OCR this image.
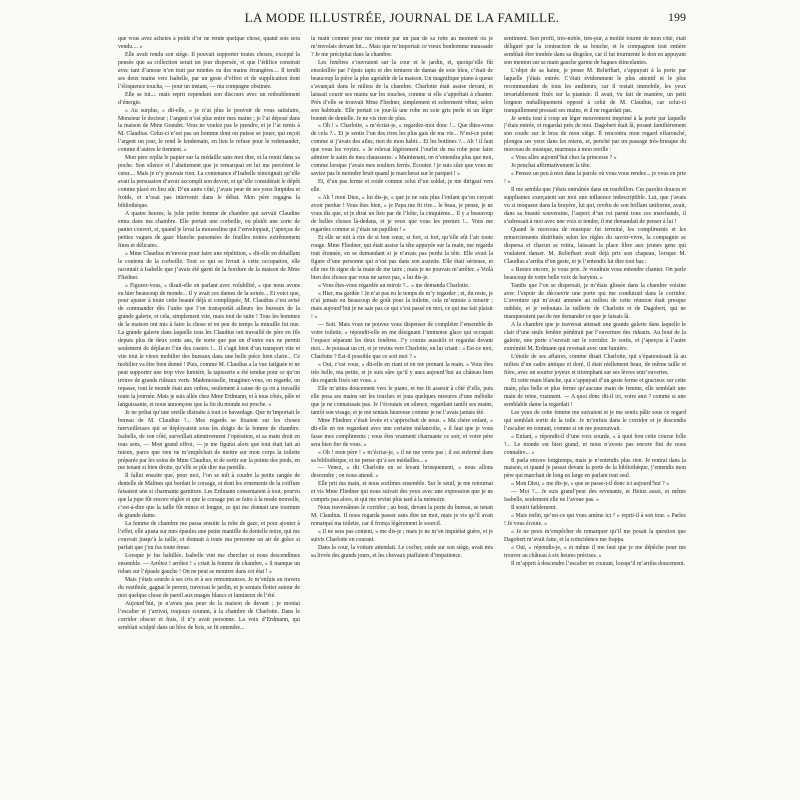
LA MODE ILLUSTRÉE, JOURNAL DE LA FAMILLE.	199

que vous avez achetés à poids d’or ne rende quelque chose, quand sois sera vendu.... »

Elle avait rendu son siége. Il pouvait supporter toutes choses, excepté la pensée que sa collection serait un jour dispersée, et que l’édifice construit avec tant d’amour n’en trait par miettes ou des mains étrangères.... Il tendit ses deux mains vers Isabelle, par un geste d’effroi et de supplication dont l’éloquence toucha, — pour un instant, — ma compagne obstinée.

Elle se tut.... mais reprit cependant son discours avec un redoublement d’énergie.

« Au surplus, » dit-elle, « je n’ai plus le pouvoir de vous satisfaire, Monsieur le docteur ; l’argent n’est plus entre mes mains ; je l’ai déposé dans la maison de Mme Grandet. Vous ne voulez pas le prendre, et je l’ai remis à M. Claudius. Celui-ci n’est pas un homme dont on puisse se jouer, qui reçoit l’argent un jour, le rend le lendemain, en lieu le refuse pour le redemander, comme d’autres le tiennent. »

Mon père replia le papier sur la médaille sans mot dire, et la remit dans sa poche. Son silence et l’abattement que je remarquai en lui me percèrent le cœur.... Mais je n’y pouvais rien. La contenance d’Isabelle témoignait qu’elle avait la persuasion d’avoir accompli son devoir, et qu’elle considérait le dépôt comme placé en lieu sûr. D’un autre côté, j’avais peur de ses yeux limpides et froids, et n’osai pas intervenir dans le débat. Mon père regagna la bibliothèque.

A quatre heures, la jolie petite femme de chambre qui servait Claudine entra dans ma chambre. Elle portait une corbeille, ou plutôt une sorte de panier couvert, et, quand je levai la mousseline qui l’enveloppait, j’aperçus de petites vagues de gaze blanche parsemées de feuilles noires extrêmement fines et délicates.

« Mme Claudius m’envoie pour faire une répétition, » dit-elle en détaillant le contenu de la corbeille. Tout ce qui se livrait à cette occupation, elle racontait à Isabelle que j’avais été garni de la bordure de la maison de Mme Fliedner.

« Figurez-vous, » disait-elle en parlant avec volubilité, « que nous avons eu hier beaucoup de monde... Il y avait ces dames de la soirée... Et voici que, pour ajuster à toute cette beauté déjà si compliquée, M. Claudius s’est avisé de commander dès l’aube que l’on transportât ailleurs les bureaux de la grande galerie, et cela, simplement vite, mais tout de suite ! Tous les hommes de la maison ont mis à faire la chose et en peu de temps la muraille fut nue. La grande galerie dans laquelle tous les Claudius ont travaillé de père en fils depuis plus de deux cents ans, de sorte que pas un d’entre eux ne permit seulement de déplacer l’un des casiers !... Il s’agit bien d’un transport vite et vite tout le vieux mobilier des bureaux dans une belle pièce bien claire... Ce mobilier va être bien donné ! Puis, comme M. Claudius a la vue fatiguée et ne peut supporter une trop vive lumière, la tapisserie a été tendue pour ce qu’on trouve de grands rideaux verts. Mademoiselle, imaginez-vous, on regarde, on repasse, tout le monde était aux ordres, seulement à cause de ça on a travaillé toute la journée. Mais je suis allée chez Mme Erdmann, et à tous côtés, pâle et languissante, et nous annonçons que la fin du monde est proche. »

Je ne prêtai qu’une oreille distraite à tout ce bavardage. Que m’importait le bureau de M. Claudius ?... Mes regards se fixaient sur les choses merveilleuses qui se déployaient sous les doigts de la femme de chambre. Isabelle, de son côté, surveillait attentivement l’opération, et sa main droit en tous sens, — Mon grand effroi, — je me figurai alors que tout était fait au mieux, parce que rien ne m’empêchait de mettre sur mon corps la toilette préparée par les soins de Mme Claudius, et de sortir sur la pointe des pieds, en me tenant si bien droite, qu’elle se pût dire ma pareille.

Il fallut ensuite que, pour moi, l’on se mît à coudre la petite rangée de dentelle de Malines qui bordait le corsage, et dont les ornements de la coiffure faisaient une si charmante garniture. Les Erdmann consentaient à tout, pourvu que la jupe fût encore réglée et que le corsage put se faire à la mode nouvelle, c’est-à-dire que la taille fût mince et longue, ce qui me donnait une tournure de grande dame.

La femme de chambre me passa ensuite la robe de gaze, et pour ajouter à l’effet, elle ajusta sur mes épaules une petite mantille de dentelle noire, qui me couvrait jusqu’à la taille, et donnait à toute ma personne un air de grâce si parfait que j’en fus toute émue.

Lorsque je fus habillée, Isabelle vint me chercher et nous descendîmes ensemble. — Arrêtez ! arrêtez ! » criait la femme de chambre, « il manque un ruban sur l’épaule gauche ! On ne peut se montrer dans cet état ! »

Mais j’étais sourde à ses cris et à ses remontrances. Je m’enfuis au travers du vestibule, gagnai le perron, traversai le jardin, et je sentais flotter autour de moi quelque chose de pareil aux nuages blancs et lumineux de l’été.

Aujourd’hui, je n’avais pas peur de la maison de devant ; je montai l’escalier et j’arrivai, toujours courant, à la chambre de Charlotte. Dans le corridor obscur et frais, il n’y avait personne. La voix d’Erdmann, qui semblait sculpté dans un bloc de bois, se fit entendre...

la main comme pour me retenir par un pan de sa robe au moment où je m’envolais devant lui.... Mais que m’importait ce vieux bonhomme maussade ? Je me précipitai dans la chambre.

Les fenêtres s’ouvraient sur la cour et le jardin, et, quoiqu’elle fût ensoleillée par l’épais tapis et des tentures de damas de soie bleu, c’était de beaucoup la pièce la plus agréable de la maison. Un magnifique piano à queue s’avançait dans le milieu de la chambre. Charlotte était assise devant, et laissait courir ses mains sur les touches, comme si elle s’apprêtait à chanter. Près d’elle se trouvait Mme Fliedner, simplement et sobrement vêtue, selon son habitude. Elle portait ce jour-là une robe en soie gris perle et un léger bonnet de dentelle. Je ne vis rien de plus.

« Oh ! » Charlotte, » m’écriai-je, « regardez-moi donc !... Que dites-vous de cela ?... Et je sentis l’un des rires les plus gais de ma vie... N’est-ce point comme si j’avais des ailes, rien de mon habit... Et les bottines ?... Ah ! il faut que vous les voyiez. » Je relevai légèrement l’ourlet de ma robe pour faire admirer le satin de mes chaussures. « Maintenant, on n’entendra plus que moi, comme lorsque j’avais mes souliers ferrés. Écoutez ! je suis sûre que vous ne saviez pas le moindre bruit quand je marcherai sur le parquet ! »

Et, d’un pas ferme et roide comme celui d’un soldat, je me dirigeai vers elle.

« Ah ! mon Dieu, » lui dis-je, « que je ne suis plus l’enfant qu’on croyait avoir perdue ! Vous êtes bien, » je Papa me fit rire... le beau, je pense, je ne vous dis que, et je dirai un lieu par de l’hôte, la cinquième... Il y a beaucoup de belles choses là-dedans, et je veux que vous les preniez !... Vous me regardez comme si j’étais un papillon ! »

Et elle se mit à rire de si bon cœur, si fort, si fort, qu’elle eût l’air toute rouge. Mme Fliedner, qui était assise la tête appuyée sur la main, me regarda tout étonnée, en se demandant si je n’avais pas perdu la tête. Elle avait la figure d’une personne qui n’est pas dans son assiette. Elle était sérieuse, et elle me fit signe de la main de me taire ; mais je ne pouvais m’arrêter. « Voilà bien des choses que vous ne savez pas, » lui dis-je.

« Vous êtes-vous regardée au miroir ?... » me demanda Charlotte.

« Hier, ma gardée ! Je n’ai pas eu le temps de m’y regarder ; et, du reste, je n’ai jamais eu beaucoup de goût pour la toilette, cela m’ennuie à mourir ; mais aujourd’hui je ne sais pas ce qui s’est passé en moi, ce qui me fait plaisir ! »

— Soit. Mais vous ne pouvez vous dispenser de compléter l’ensemble de votre toilette, » répondit-elle en me désignant l’immense glace qui occupait l’espace séparant les deux fenêtres. J’y courus aussitôt et regardai devant moi... Je poussai un cri, et je revins vers Charlotte, en lui criant : « Est-ce moi, Charlotte ? Est-il possible que ce soit moi ? »

« Oui, c’est vous, » dit-elle en riant et en me prenant la main. « Vous êtes très belle, ma petite, et je suis sûre qu’il y aura aujourd’hui au château bien des regards fixés sur vous. »

Elle m’attira doucement vers le piano, et me fit asseoir à côté d’elle, puis elle posa ses mains sur les touches et joua quelques mesures d’une mélodie que je ne connaissais pas. Je l’écoutais en silence, regardant tantôt ses mains, tantôt son visage, et je me sentais heureuse comme je ne l’avais jamais été.

Mme Fliedner s’était levée et s’approchait de nous. « Ma chère enfant, » dit-elle en me regardant avec une certaine mélancolie, « il faut que je vous fasse mes compliments ; vous êtes vraiment charmante ce soir, et votre père sera bien fier de vous. »

« Oh ! mon père ! » m’écriai-je, « il ne me verra pas ; il est enfermé dans sa bibliothèque, et ne pense qu’à ses médailles... »

— Venez, » dit Charlotte en se levant brusquement, « nous allons descendre ; on nous attend. »

Elle prit ma main, et nous sortîmes ensemble. Sur le seuil, je me retournai et vis Mme Fliedner qui nous suivait des yeux avec une expression que je ne compris pas alors, et qui me revint plus tard à la mémoire.

Nous traversâmes le corridor ; au bout, devant la porte du bureau, se tenait M. Claudius. Il nous regarda passer sans dire un mot, mais je vis qu’il avait remarqué ma toilette, car il fronça légèrement le sourcil.

« Il ne sera pas content, » me dis-je ; mais je ne m’en inquiétai guère, et je suivis Charlotte en courant.

Dans la cour, la voiture attendait. Le cocher, raide sur son siège, avait mis sa livrée des grands jours, et les chevaux piaffaient d’impatience.

sentiment. Son profil, très-noble, très-pur, à moitié tourné de mon côté, était déliguré par la contraction de sa bouche, et le compagnon tout entière semblait être tombée dans sa disgrâce, car il fut tourmenté le don en appuyant son menton sur sa main gauche garnie de bagues étincelantes.

L’objet de sa haine, je pense M. Reliefbart, s’appuyait à la porte par laquelle j’étais entrée. C’était évidemment le plus attentif et le plus recommandant de tous les auditeurs, car il restait immobile, les yeux invariablement fixés sur la pianiste. Il avait, vu fait de manière, un petit lorgnon métalliquement opposé à celui de M. Claudius, car celui-ci tranquillement pressait ses mains, et il ne regardait pas.

Je sentis tout à coup un léger mouvement imprimé à la porte par laquelle j’étais entrée, et regardai près de moi. Dagobert était là, posant familièrement son coude sur le bras de mon siège. Il rencontra mon regard effarouché, plongea ses yeux dans les miens, et, penché par un passage très-brusque du morceau de musique, murmura à mon oreille :

« Vous allez aujourd’hui chez la princesse ? »

Je penchai affirmativement la tête.

« Pensez un peu à moi dans la parole où vous vous rendez... je vous en prie ! »

Il me sembla que j’étais entraînée dans un tourbillon. Ces paroles douces et suppliantes exerçaient sur moi une influence indescriptible. Lui, que j’avais vu si moqueur dans la bruyère, lui qui, revêtu de son brillant uniforme, avait, dans sa beauté souveraine, l’aspect d’un roi parmi tous ces marchands, il s’adressait à moi avec une voix si tendre, il me demandait de penser à lui !

Quand le morceau de musique fut terminé, les compliments et les remerciements distribués selon les règles du savoir-vivre, la compagnie se dispersa et chacun se retira, laissant la place libre aux jeunes gens qui voulaient danser. M. Reliefbart avait déjà pris son chapeau, lorsque M. Claudius s’arrêta d’un geste, et je l’entendis lui dire tout bas :

« Restez encore, je vous prie. Je voudrais vous entendre chanter. On parle beaucoup de votre belle voix de baryton. »

Tandis que l’on se dispersait, je m’étais glissée dans la chambre voisine avec l’espoir de découvrir une porte qui me conduirait dans le corridor. L’aventure qui m’avait amenée au milieu de cette réunion était presque oubliée, et je redoutais la raillerie de Charlotte et de Dagobert, qui ne manqueraient pas de me demander ce que je faisais là.

A la chambre que je traversai attenait une grande galerie dans laquelle le clair d’une seule fenêtre pénétrait par l’ouverture des rideaux. Au bout de la galerie, une porte s’ouvrait sur le corridor. Je sortis, et j’aperçus à l’autre extrémité M. Erdmann qui revenait avec une lumière.

L’étoile de ses affaires, comme disait Charlotte, qui s’épanouissait là au milieu d’un cadre antique et doré, il était réellement beau, de même taille et fière, avec un sourire joyeux et triomphant sur ses lèvres entr’ouvertes.

Et cette main blanche, qui s’appuyait d’un geste ferme et gracieux sur cette main, plus belle et plus ferme qu’aucune main de femme, elle semblait une main de reine, vraiment. — A quoi donc dit-il ici, votre ami ? comme si une semblable dame la regardait !

Les yeux de cette femme me suivaient et je me sentis pâlir sous ce regard qui semblait sortir de la toile. Je m’enfuis dans le corridor et je descendis l’escalier en courant, comme si on me poursuivait.

« Enfant, » répondit-il d’une voix sourde, « à quoi bon cette course folle ?... Le monde est bien grand, et nous n’avons pas encore fini de nous connaître... »

Il parla encore longtemps, mais je n’entendis plus rien. Je rentrai dans la maison, et quand je passai devant la porte de la bibliothèque, j’entendis mon père qui marchait de long en large en parlant tout seul.

« Mon Dieu, » me dis-je, « que se passe-t-il donc ici aujourd’hui ? »

— Moi ?... Je suis grand’peur des revenants, et Heinz aussi, et même Isabelle, seulement elle ne l’avoue pas. »

Il sourit faiblement.

« Mais enfin, qu’est-ce qui vous amène ici ? » reprit-il à son tour. « Parlez ! Je vous écoute. »

« Je ne peux m’empêcher de remarquer qu’il me posait la question que Dagobert m’avait faite, et la coïncidence me frappa.

« Oui, » répondis-je, « et même il me faut que je me dépêche pour me trouver au château à six heures précises. »

Il m’apprit à descendre l’escalier en courant, lorsqu’il m’arrêta doucement.
